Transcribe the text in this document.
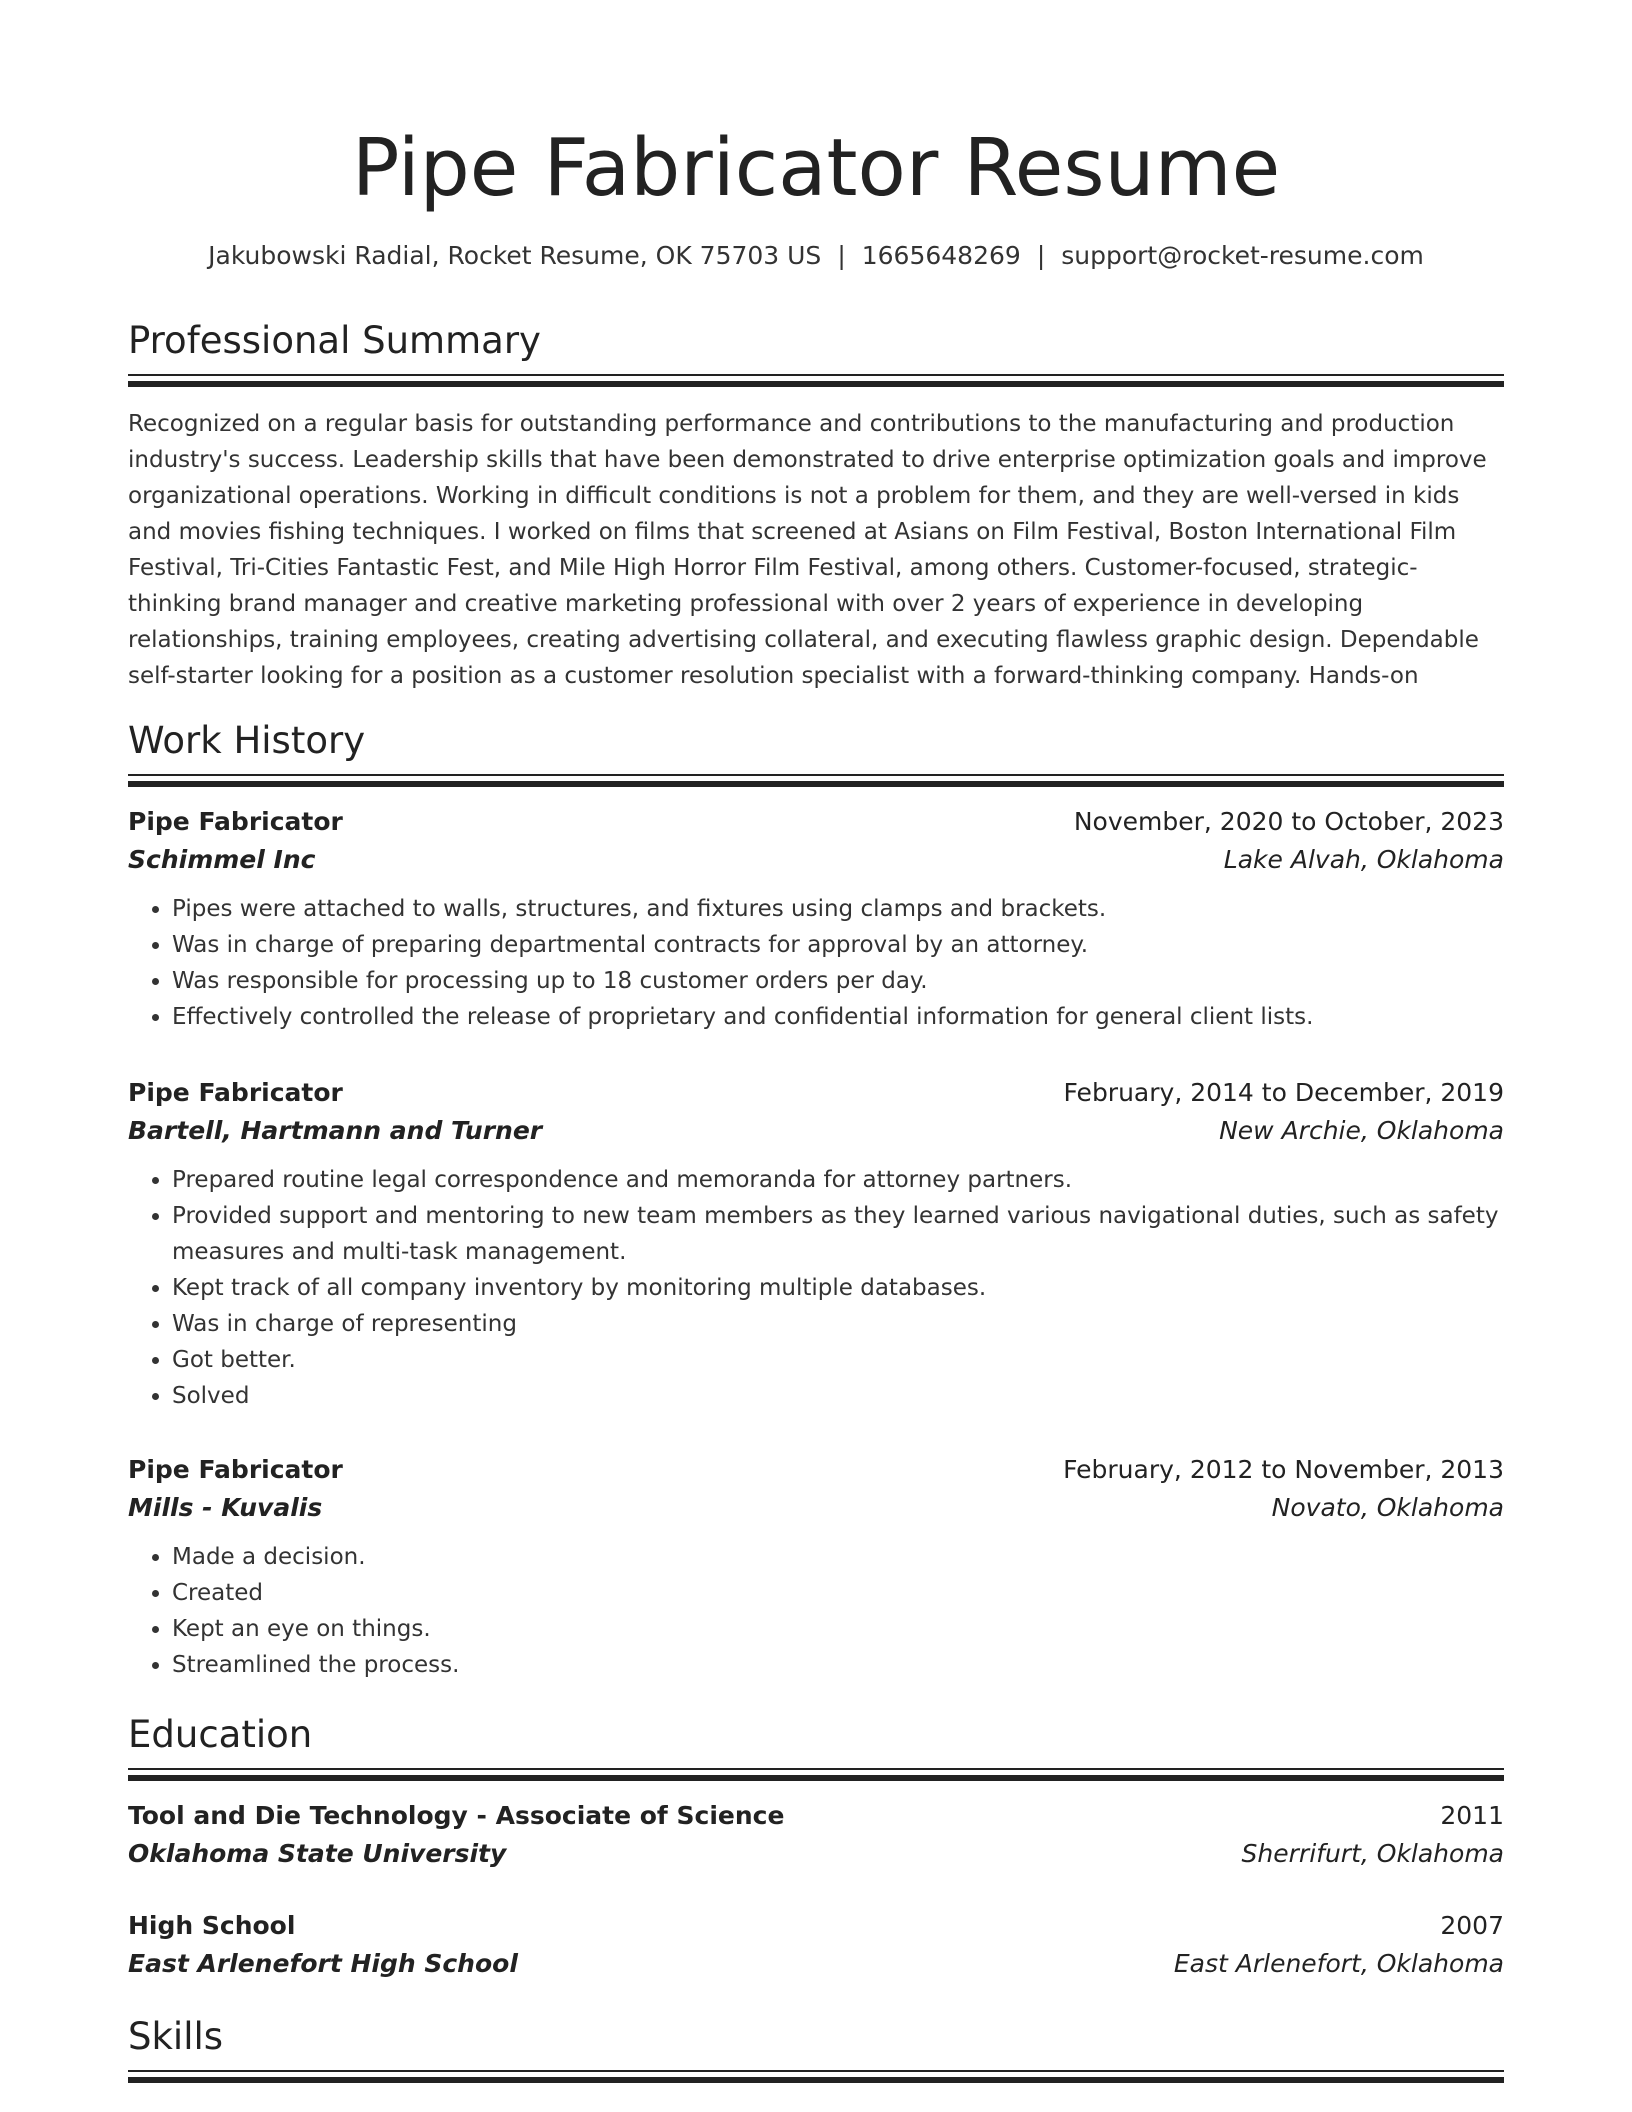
Pipe Fabricator Resume
Jakubowski Radial, Rocket Resume, OK 75703 US | 1665648269 | support@rocket-resume.com
Professional Summary

Recognized on a regular basis for outstanding performance and contributions to the manufacturing and production industry's success. Leadership skills that have been demonstrated to drive enterprise optimization goals and improve organizational operations. Working in difficult conditions is not a problem for them, and they are well-versed in kids and movies fishing techniques. I worked on films that screened at Asians on Film Festival, Boston International Film Festival, Tri-Cities Fantastic Fest, and Mile High Horror Film Festival, among others. Customer-focused, strategic-thinking brand manager and creative marketing professional with over 2 years of experience in developing relationships, training employees, creating advertising collateral, and executing flawless graphic design. Dependable self-starter looking for a position as a customer resolution specialist with a forward-thinking company. Hands-on

Work History
Pipe Fabricator	November, 2020 to October, 2023
Schimmel Inc	Lake Alvah, Oklahoma
• Pipes were attached to walls, structures, and fixtures using clamps and brackets.
• Was in charge of preparing departmental contracts for approval by an attorney.
• Was responsible for processing up to 18 customer orders per day.
• Effectively controlled the release of proprietary and confidential information for general client lists.
Pipe Fabricator	February, 2014 to December, 2019
Bartell, Hartmann and Turner	New Archie, Oklahoma
• Prepared routine legal correspondence and memoranda for attorney partners.
• Provided support and mentoring to new team members as they learned various navigational duties, such as safety measures and multi-task management.
• Kept track of all company inventory by monitoring multiple databases.
• Was in charge of representing
• Got better.
• Solved
Pipe Fabricator	February, 2012 to November, 2013
Mills - Kuvalis	Novato, Oklahoma
• Made a decision.
• Created
• Kept an eye on things.
• Streamlined the process.
Education
Tool and Die Technology - Associate of Science	2011
Oklahoma State University	Sherrifurt, Oklahoma
High School	2007
East Arlenefort High School	East Arlenefort, Oklahoma
Skills
